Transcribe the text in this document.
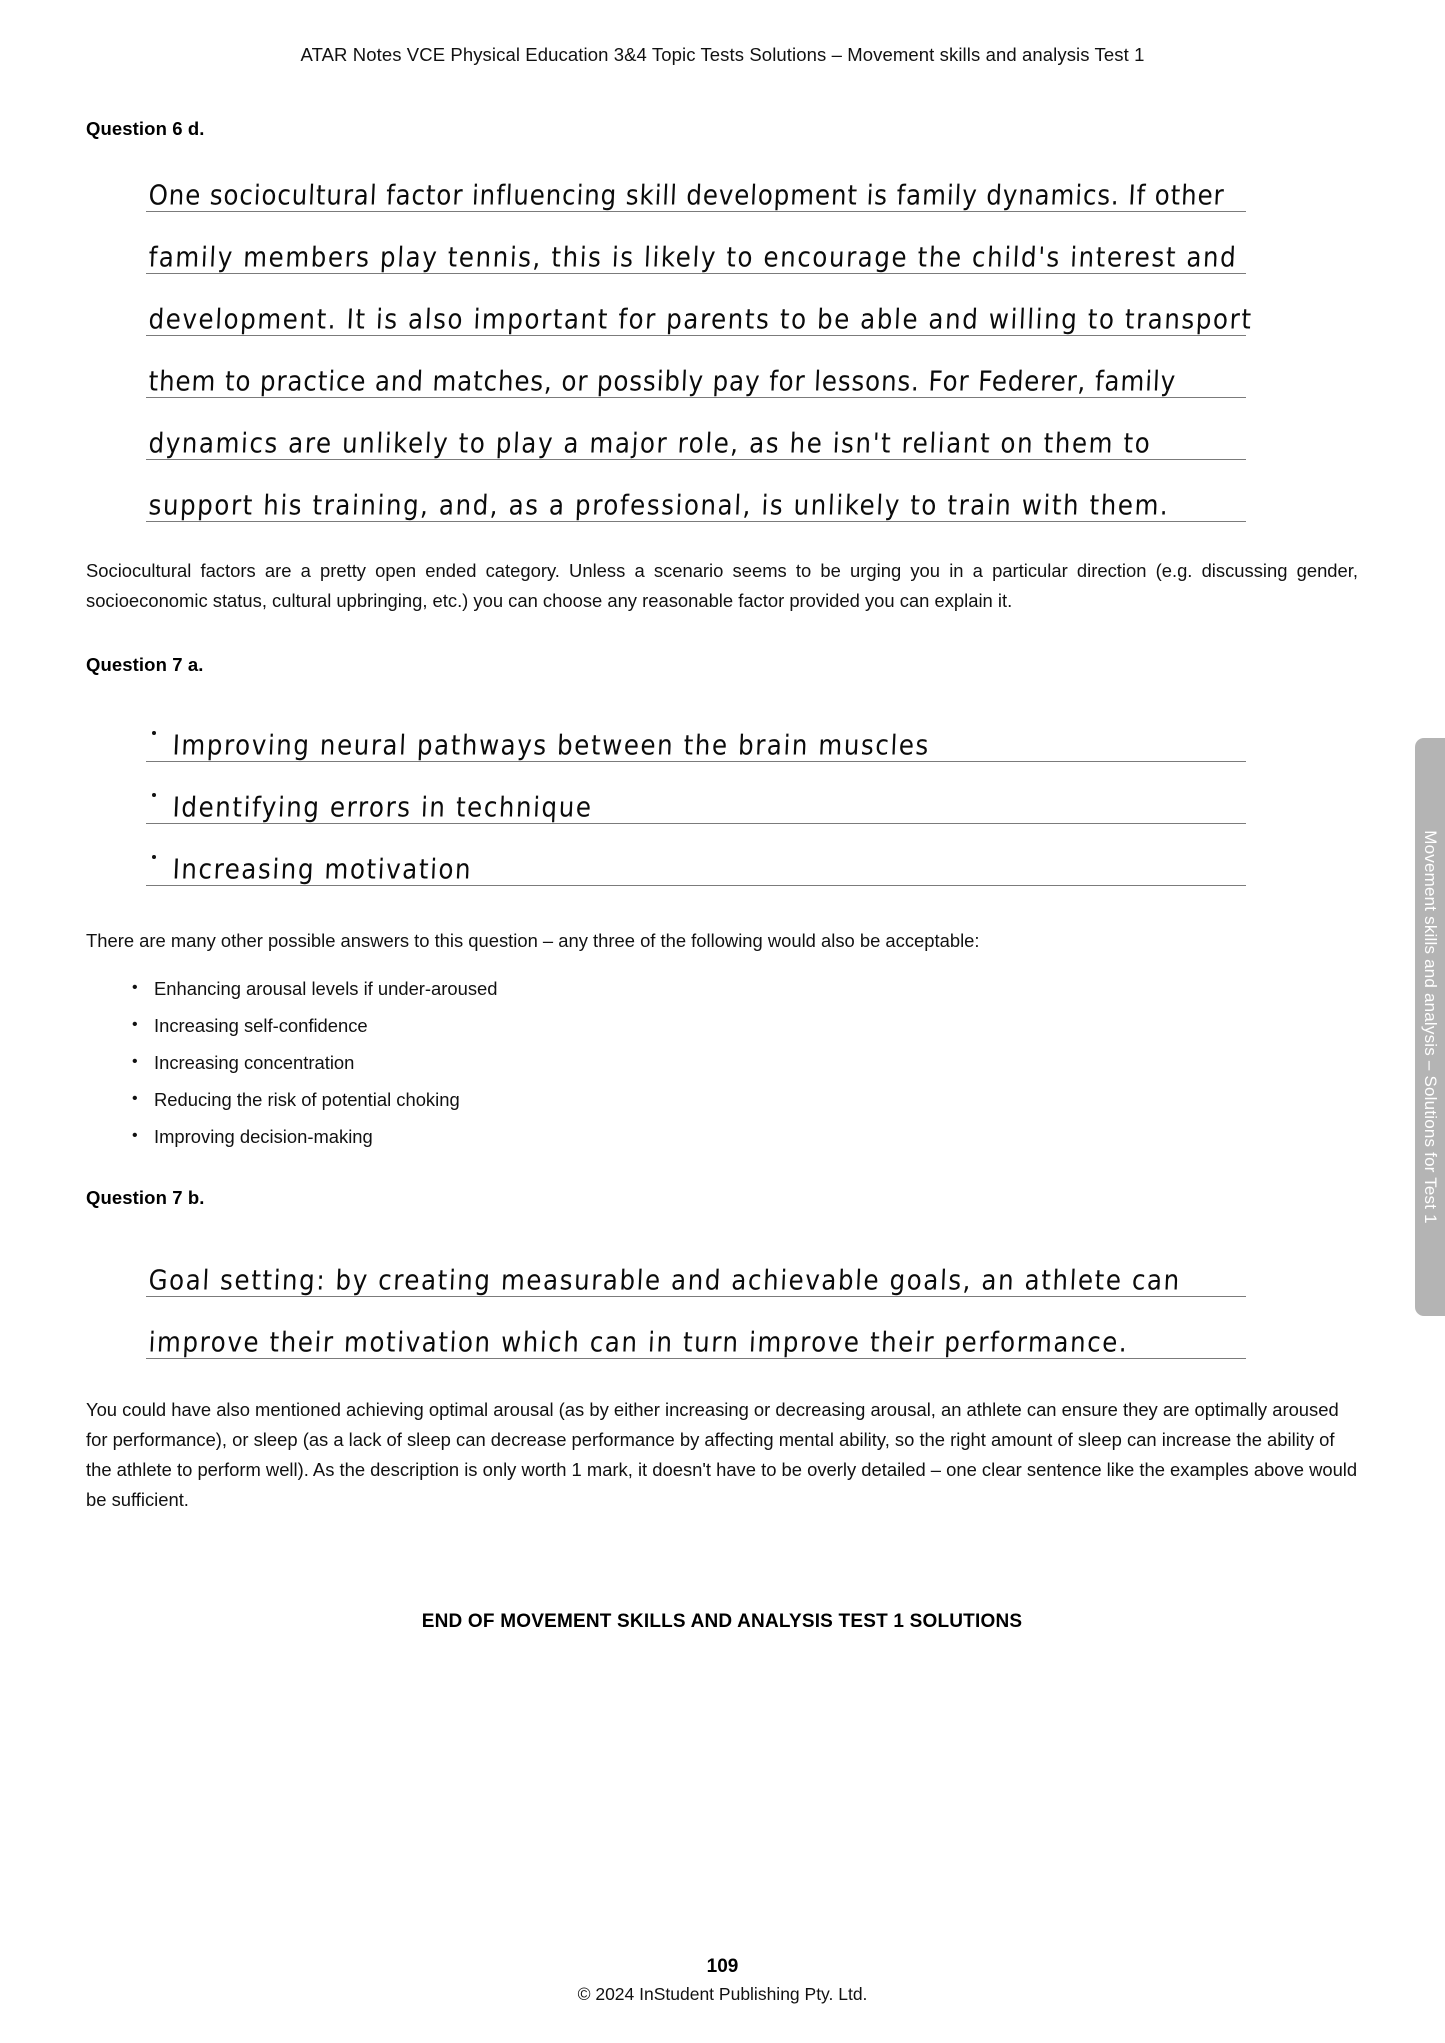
ATAR Notes VCE Physical Education 3&4 Topic Tests Solutions – Movement skills and analysis Test 1
Movement skills and analysis – Solutions for Test 1
Question 6 d.
One sociocultural factor influencing skill development is family dynamics. If other
family members play tennis, this is likely to encourage the child's interest and
development. It is also important for parents to be able and willing to transport
them to practice and matches, or possibly pay for lessons. For Federer, family
dynamics are unlikely to play a major role, as he isn't reliant on them to
support his training, and, as a professional, is unlikely to train with them.

Sociocultural factors are a pretty open ended category. Unless a scenario seems to be urging you in a particular direction (e.g. discussing gender, socioeconomic status, cultural upbringing, etc.) you can choose any reasonable factor provided you can explain it.

Question 7 a.
Improving neural pathways between the brain muscles
Identifying errors in technique
Increasing motivation

There are many other possible answers to this question – any three of the following would also be acceptable:

• Enhancing arousal levels if under-aroused
• Increasing self-confidence
• Increasing concentration
• Reducing the risk of potential choking
• Improving decision-making
Question 7 b.
Goal setting: by creating measurable and achievable goals, an athlete can
improve their motivation which can in turn improve their performance.

You could have also mentioned achieving optimal arousal (as by either increasing or decreasing arousal, an athlete can ensure they are optimally aroused for performance), or sleep (as a lack of sleep can decrease performance by affecting mental ability, so the right amount of sleep can increase the ability of the athlete to perform well). As the description is only worth 1 mark, it doesn't have to be overly detailed – one clear sentence like the examples above would be sufficient.

END OF MOVEMENT SKILLS AND ANALYSIS TEST 1 SOLUTIONS
109
© 2024 InStudent Publishing Pty. Ltd.
